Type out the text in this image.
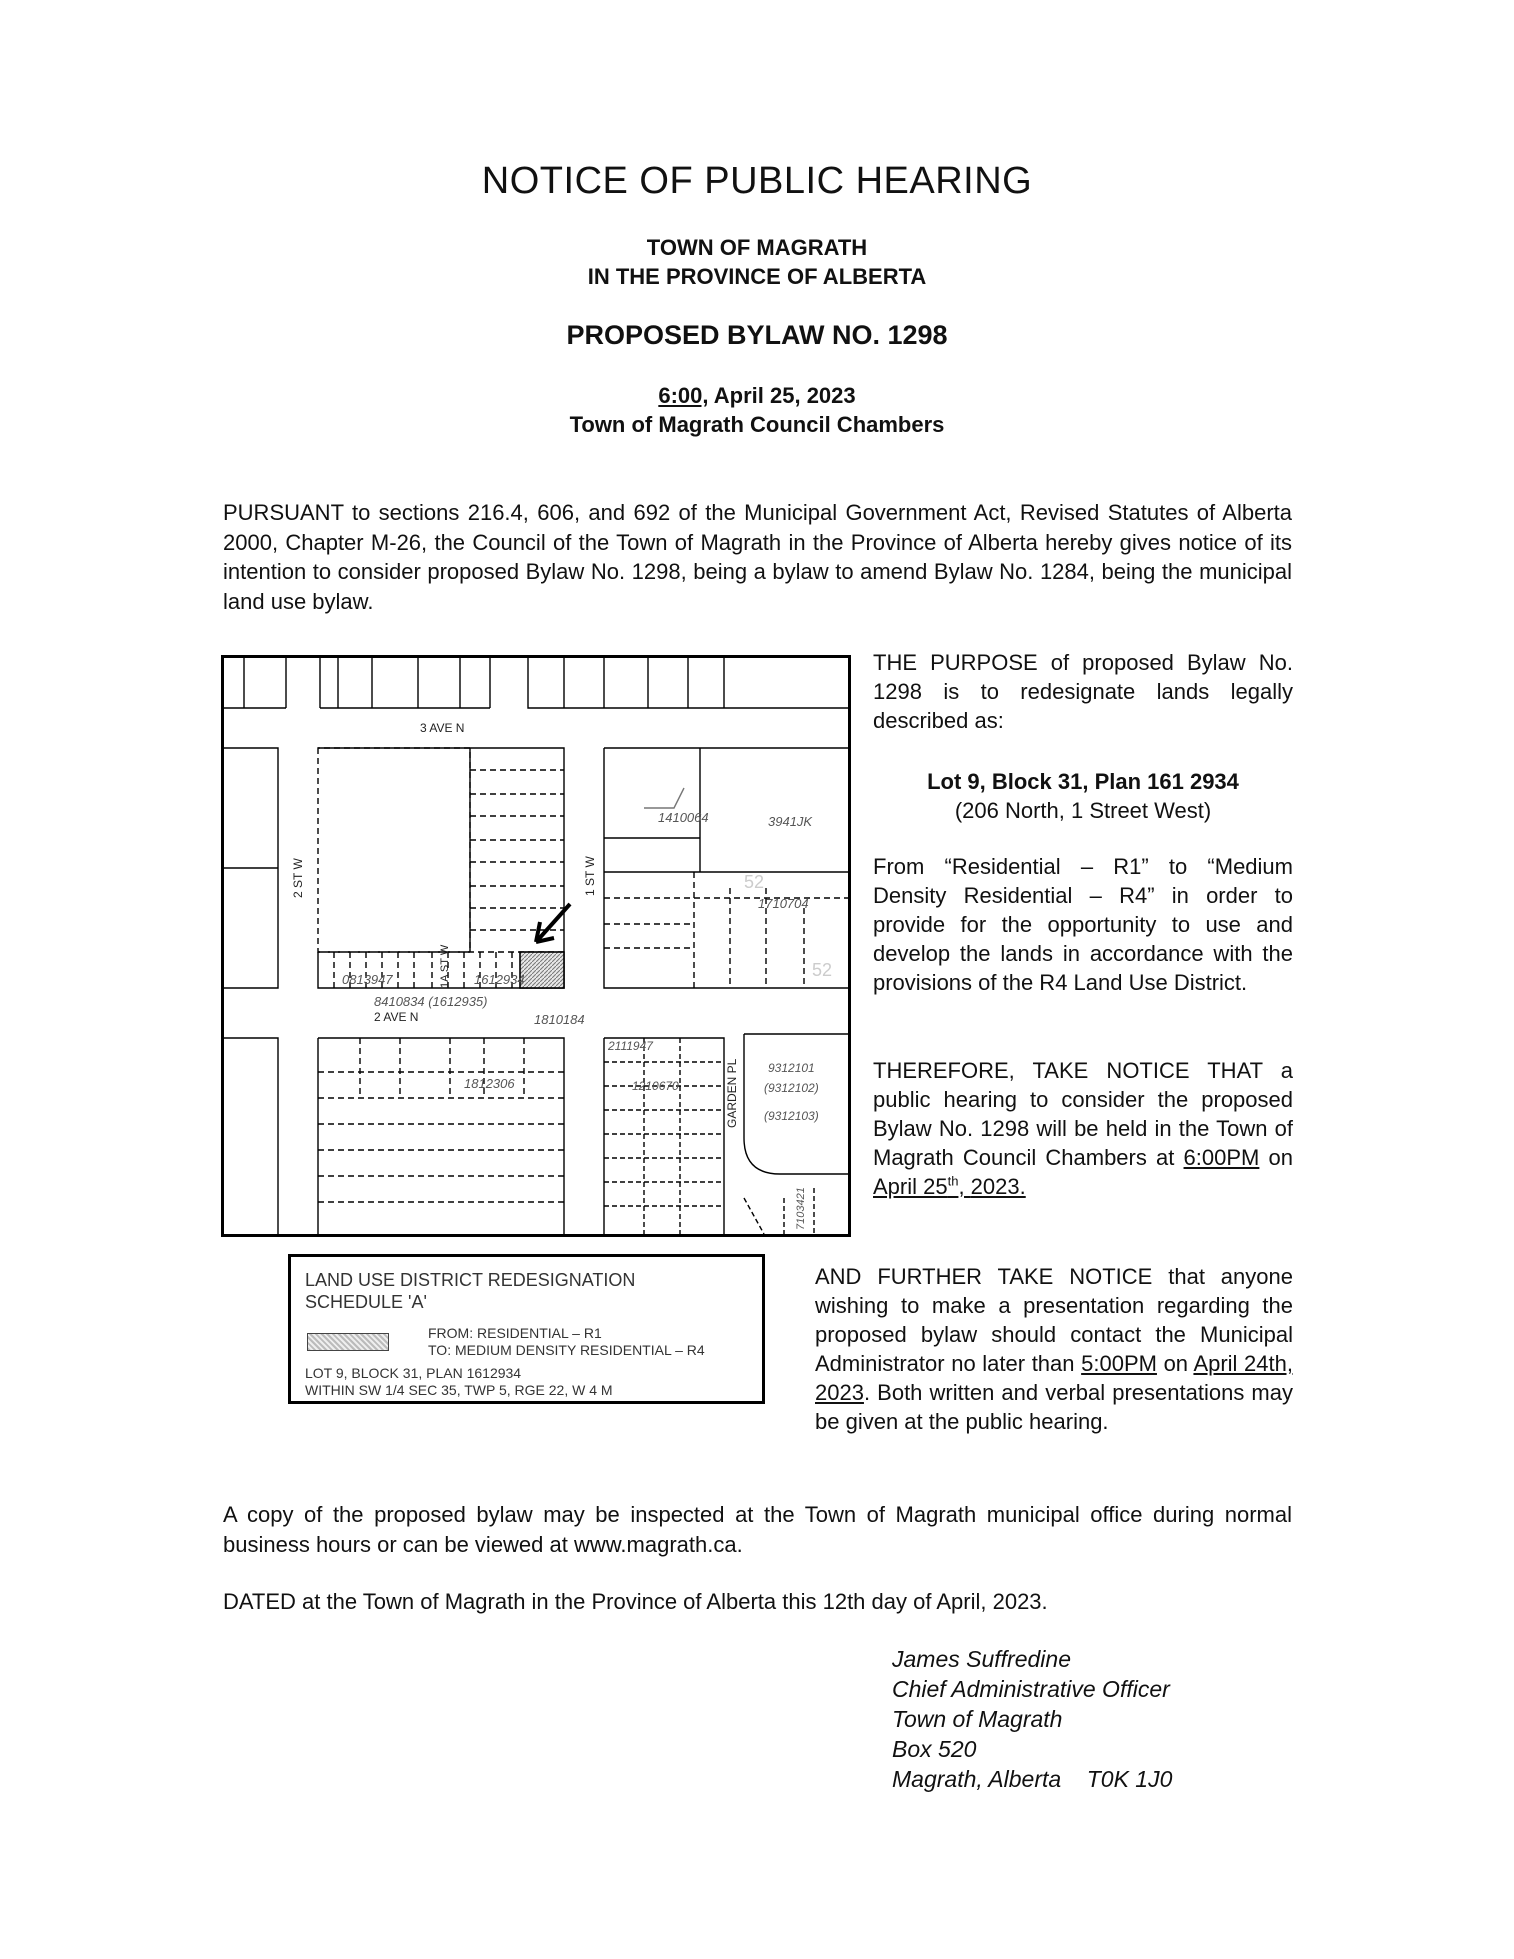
NOTICE OF PUBLIC HEARING
TOWN OF MAGRATH
IN THE PROVINCE OF ALBERTA
PROPOSED BYLAW NO. 1298
6:00, April 25, 2023
Town of Magrath Council Chambers
PURSUANT to sections 216.4, 606, and 692 of the Municipal Government Act, Revised Statutes of Alberta 2000, Chapter M-26, the Council of the Town of Magrath in the Province of Alberta hereby gives notice of its intention to consider proposed Bylaw No. 1298, being a bylaw to amend Bylaw No. 1284, being the municipal land use bylaw.
3 AVE N
2 AVE N
2 ST W	1 ST W
1A ST W
GARDEN PL
1410064	3941JK
1710704
0813947	1612934
8410834 (1612935)
1810184
2111947
1812306	1210670
9312101
(9312102)
(9312103)
7103421
52
52
THE PURPOSE of proposed Bylaw No. 1298 is to redesignate lands legally described as:
Lot 9, Block 31, Plan 161 2934
(206 North, 1 Street West)
From “Residential – R1” to “Medium Density Residential – R4” in order to provide for the opportunity to use and develop the lands in accordance with the provisions of the R4 Land Use District.
THEREFORE, TAKE NOTICE THAT a public hearing to consider the proposed Bylaw No. 1298 will be held in the Town of Magrath Council Chambers at 6:00PM on April 25th, 2023.
LAND USE DISTRICT REDESIGNATION
SCHEDULE 'A'
FROM: RESIDENTIAL – R1
TO: MEDIUM DENSITY RESIDENTIAL – R4
LOT 9, BLOCK 31, PLAN 1612934
WITHIN SW 1/4 SEC 35, TWP 5, RGE 22, W 4 M
AND FURTHER TAKE NOTICE that anyone wishing to make a presentation regarding the proposed bylaw should contact the Municipal Administrator no later than 5:00PM on April 24th, 2023. Both written and verbal presentations may be given at the public hearing.
A copy of the proposed bylaw may be inspected at the Town of Magrath municipal office during normal business hours or can be viewed at www.magrath.ca.
DATED at the Town of Magrath in the Province of Alberta this 12th day of April, 2023.
James Suffredine
Chief Administrative Officer
Town of Magrath
Box 520
Magrath, Alberta    T0K 1J0
